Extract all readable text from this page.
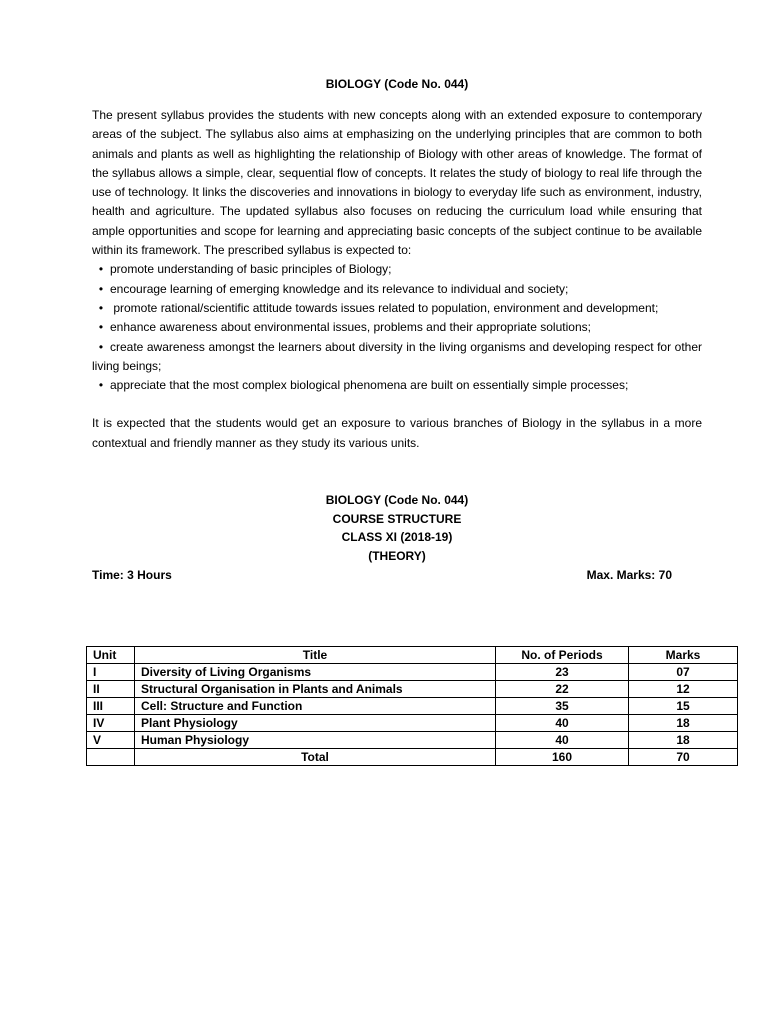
BIOLOGY (Code No. 044)

The present syllabus provides the students with new concepts along with an extended exposure to contemporary areas of the subject. The syllabus also aims at emphasizing on the underlying principles that are common to both animals and plants as well as highlighting the relationship of Biology with other areas of knowledge. The format of the syllabus allows a simple, clear, sequential flow of concepts. It relates the study of biology to real life through the use of technology. It links the discoveries and innovations in biology to everyday life such as environment, industry, health and agriculture. The updated syllabus also focuses on reducing the curriculum load while ensuring that ample opportunities and scope for learning and appreciating basic concepts of the subject continue to be available within its framework. The prescribed syllabus is expected to:

• promote understanding of basic principles of Biology;
• encourage learning of emerging knowledge and its relevance to individual and society;
• promote rational/scientific attitude towards issues related to population, environment and development;
• enhance awareness about environmental issues, problems and their appropriate solutions;
• create awareness amongst the learners about diversity in the living organisms and developing respect for other living beings;
• appreciate that the most complex biological phenomena are built on essentially simple processes;

It is expected that the students would get an exposure to various branches of Biology in the syllabus in a more contextual and friendly manner as they study its various units.

BIOLOGY (Code No. 044)
COURSE STRUCTURE
CLASS XI (2018-19)
(THEORY)
Time: 3 Hours	Max. Marks: 70
Unit	Title	No. of Periods	Marks
I	Diversity of Living Organisms	23	07
II	Structural Organisation in Plants and Animals	22	12
III	Cell: Structure and Function	35	15
IV	Plant Physiology	40	18
V	Human Physiology	40	18
	Total	160	70
